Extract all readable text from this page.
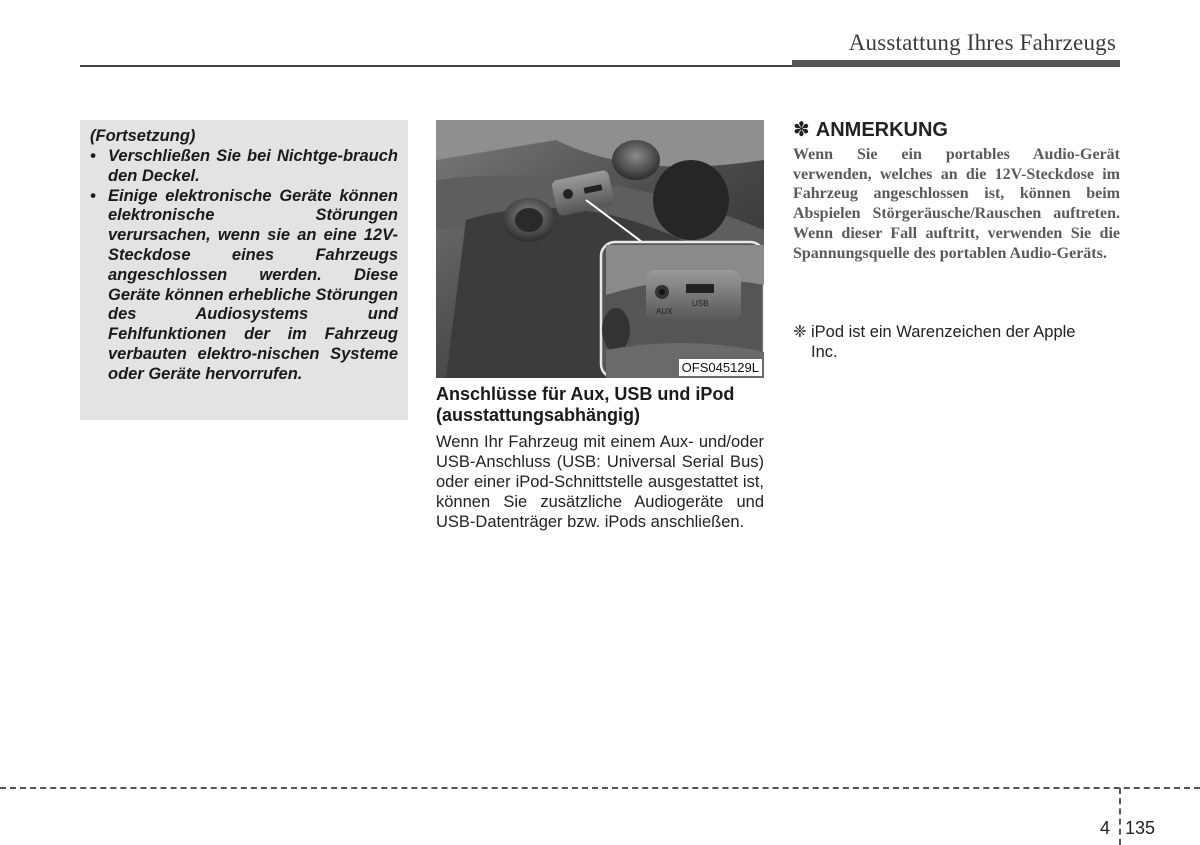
Ausstattung Ihres Fahrzeugs
(Fortsetzung)
• Verschließen Sie bei Nichtge-brauch den Deckel.
• Einige elektronische Geräte können elektronische Störungen verursachen, wenn sie an eine 12V-Steckdose eines Fahrzeugs angeschlossen werden. Diese Geräte können erhebliche Störungen des Audiosystems und Fehlfunktionen der im Fahrzeug verbauten elektro-nischen Systeme oder Geräte hervorrufen.
AUX
USB
OFS045129L
Anschlüsse für Aux, USB und iPod (ausstattungsabhängig)
Wenn Ihr Fahrzeug mit einem Aux- und/oder USB-Anschluss (USB: Universal Serial Bus) oder einer iPod-Schnittstelle ausgestattet ist, können Sie zusätzliche Audiogeräte und USB-Datenträger bzw. iPods anschließen.
✽ ANMERKUNG
Wenn Sie ein portables Audio-Gerät verwenden, welches an die 12V-Steckdose im Fahrzeug angeschlossen ist, können beim Abspielen Störgeräusche/Rauschen auftreten. Wenn dieser Fall auftritt, verwenden Sie die Spannungsquelle des portablen Audio-Geräts.
❈ iPod ist ein Warenzeichen der Apple
Inc.
4 135
